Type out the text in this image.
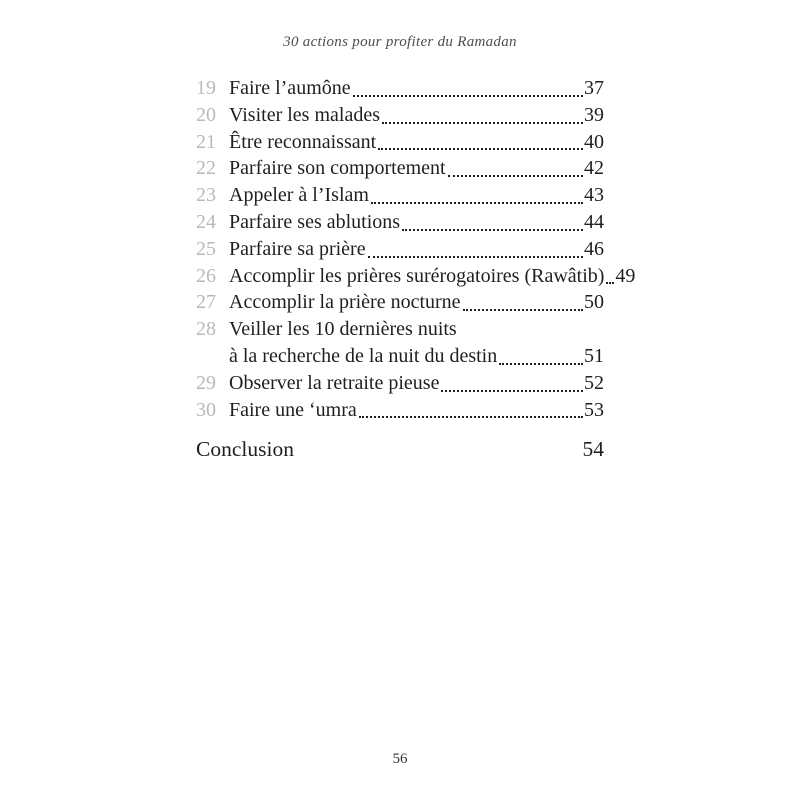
30 actions pour profiter du Ramadan
19 Faire l’aumône	37
20 Visiter les malades	39
21 Être reconnaissant	40
22 Parfaire son comportement	42
23 Appeler à l’Islam	43
24 Parfaire ses ablutions	44
25 Parfaire sa prière	46
26 Accomplir les prières surérogatoires (Rawâtib) 49
27 Accomplir la prière nocturne	50
28 Veiller les 10 dernières nuits
à la recherche de la nuit du destin	51
29 Observer la retraite pieuse	52
30 Faire une ‘umra	53
Conclusion	54
56
